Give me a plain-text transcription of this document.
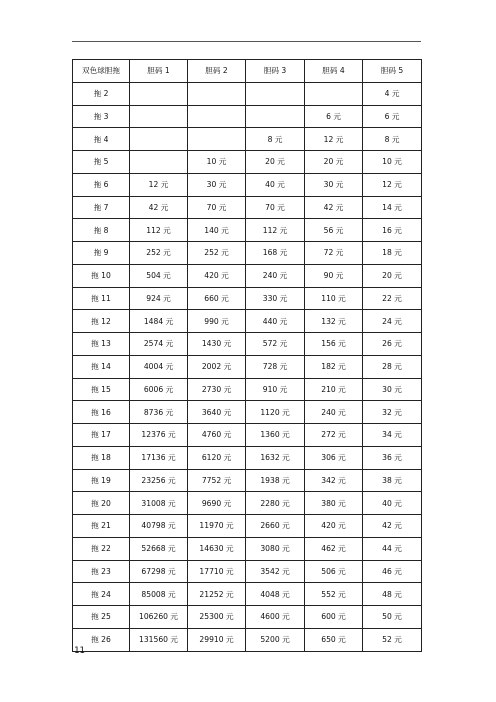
双色球胆拖	胆码 1	胆码 2	胆码 3	胆码 4	胆码 5
拖 2					4 元
拖 3				6 元	6 元
拖 4			8 元	12 元	8 元
拖 5		10 元	20 元	20 元	10 元
拖 6	12 元	30 元	40 元	30 元	12 元
拖 7	42 元	70 元	70 元	42 元	14 元
拖 8	112 元	140 元	112 元	56 元	16 元
拖 9	252 元	252 元	168 元	72 元	18 元
拖 10	504 元	420 元	240 元	90 元	20 元
拖 11	924 元	660 元	330 元	110 元	22 元
拖 12	1484 元	990 元	440 元	132 元	24 元
拖 13	2574 元	1430 元	572 元	156 元	26 元
拖 14	4004 元	2002 元	728 元	182 元	28 元
拖 15	6006 元	2730 元	910 元	210 元	30 元
拖 16	8736 元	3640 元	1120 元	240 元	32 元
拖 17	12376 元	4760 元	1360 元	272 元	34 元
拖 18	17136 元	6120 元	1632 元	306 元	36 元
拖 19	23256 元	7752 元	1938 元	342 元	38 元
拖 20	31008 元	9690 元	2280 元	380 元	40 元
拖 21	40798 元	11970 元	2660 元	420 元	42 元
拖 22	52668 元	14630 元	3080 元	462 元	44 元
拖 23	67298 元	17710 元	3542 元	506 元	46 元
拖 24	85008 元	21252 元	4048 元	552 元	48 元
拖 25	106260 元	25300 元	4600 元	600 元	50 元
拖 26	131560 元	29910 元	5200 元	650 元	52 元
11
